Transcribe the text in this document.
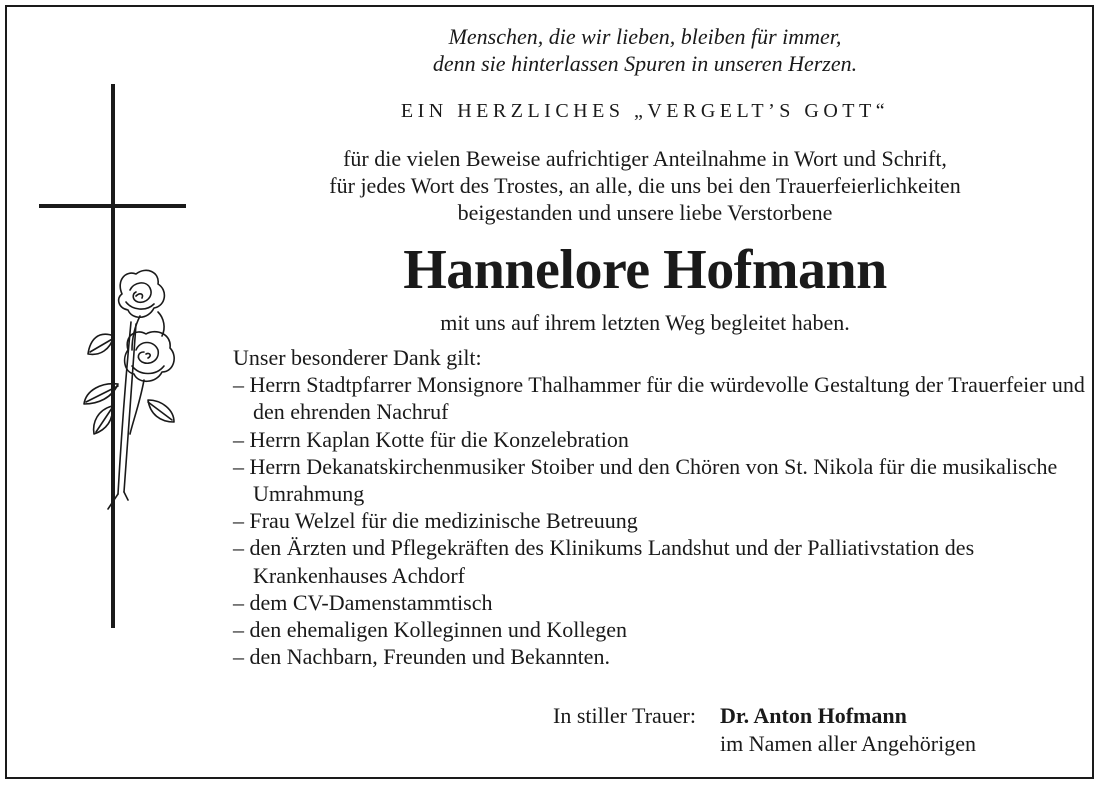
Menschen, die wir lieben, bleiben für immer,
denn sie hinterlassen Spuren in unseren Herzen.
EIN HERZLICHES „VERGELT’S GOTT“
für die vielen Beweise aufrichtiger Anteilnahme in Wort und Schrift,
für jedes Wort des Trostes, an alle, die uns bei den Trauerfeierlichkeiten
beigestanden und unsere liebe Verstorbene
Hannelore Hofmann
mit uns auf ihrem letzten Weg begleitet haben.
Unser besonderer Dank gilt:
– Herrn Stadtpfarrer Monsignore Thalhammer für die würdevolle Gestaltung der Trauerfeier und den ehrenden Nachruf
– Herrn Kaplan Kotte für die Konzelebration
– Herrn Dekanatskirchenmusiker Stoiber und den Chören von St. Nikola für die musikalische Umrahmung
– Frau Welzel für die medizinische Betreuung
– den Ärzten und Pflegekräften des Klinikums Landshut und der Palliativstation des Krankenhauses Achdorf
– dem CV-Damenstammtisch
– den ehemaligen Kolleginnen und Kollegen
– den Nachbarn, Freunden und Bekannten.
In stiller Trauer: Dr. Anton Hofmann
im Namen aller Angehörigen
